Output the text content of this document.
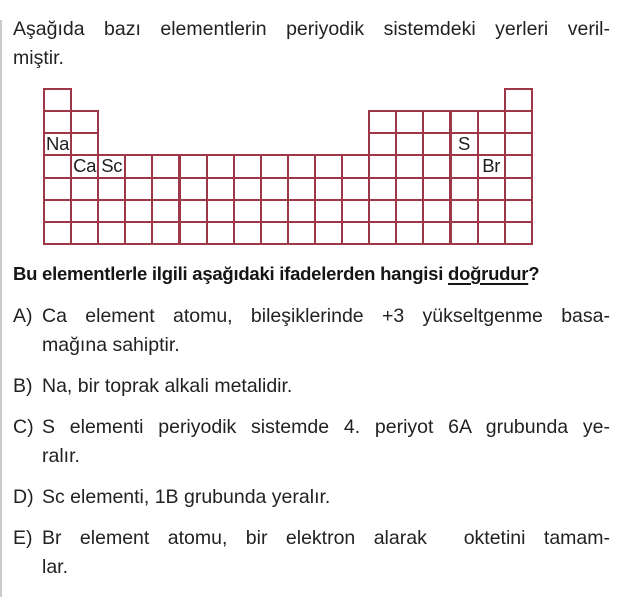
Aşağıda bazı elementlerin periyodik sistemdeki yerleri veril-
miştir.
Na	S
Ca Sc	Br
Bu elementlerle ilgili aşağıdaki ifadelerden hangisi doğrudur?
A) Ca element atomu, bileşiklerinde +3 yükseltgenme basa-
mağına sahiptir.
B) Na, bir toprak alkali metalidir.
C) S elementi periyodik sistemde 4. periyot 6A grubunda ye-
ralır.
D) Sc elementi, 1B grubunda yeralır.
E) Br element atomu, bir elektron alarak  oktetini tamam-
lar.
